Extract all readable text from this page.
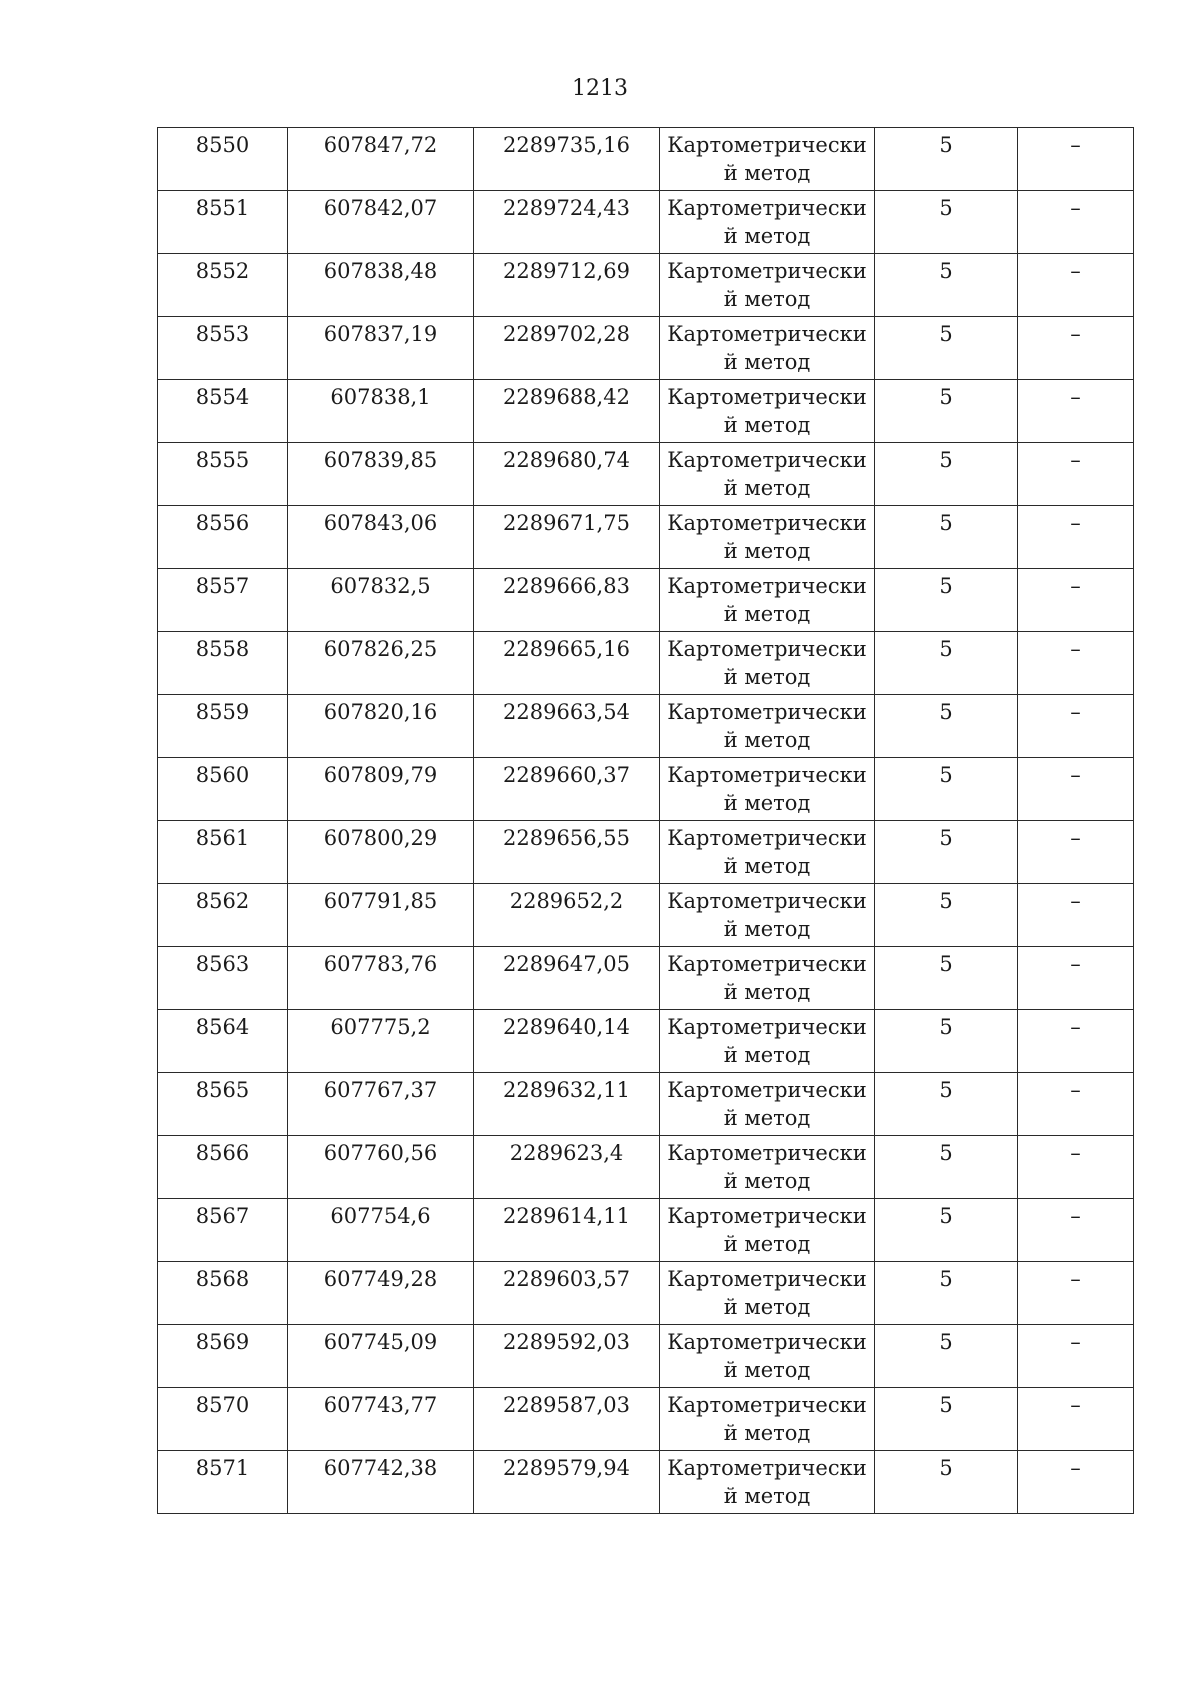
1213
8550	607847,72	2289735,16	Картометрически
й метод	5	–
8551	607842,07	2289724,43	Картометрически
й метод	5	–
8552	607838,48	2289712,69	Картометрически
й метод	5	–
8553	607837,19	2289702,28	Картометрически
й метод	5	–
8554	607838,1	2289688,42	Картометрически
й метод	5	–
8555	607839,85	2289680,74	Картометрически
й метод	5	–
8556	607843,06	2289671,75	Картометрически
й метод	5	–
8557	607832,5	2289666,83	Картометрически
й метод	5	–
8558	607826,25	2289665,16	Картометрически
й метод	5	–
8559	607820,16	2289663,54	Картометрически
й метод	5	–
8560	607809,79	2289660,37	Картометрически
й метод	5	–
8561	607800,29	2289656,55	Картометрически
й метод	5	–
8562	607791,85	2289652,2	Картометрически
й метод	5	–
8563	607783,76	2289647,05	Картометрически
й метод	5	–
8564	607775,2	2289640,14	Картометрически
й метод	5	–
8565	607767,37	2289632,11	Картометрически
й метод	5	–
8566	607760,56	2289623,4	Картометрически
й метод	5	–
8567	607754,6	2289614,11	Картометрически
й метод	5	–
8568	607749,28	2289603,57	Картометрически
й метод	5	–
8569	607745,09	2289592,03	Картометрически
й метод	5	–
8570	607743,77	2289587,03	Картометрически
й метод	5	–
8571	607742,38	2289579,94	Картометрически
й метод	5	–
